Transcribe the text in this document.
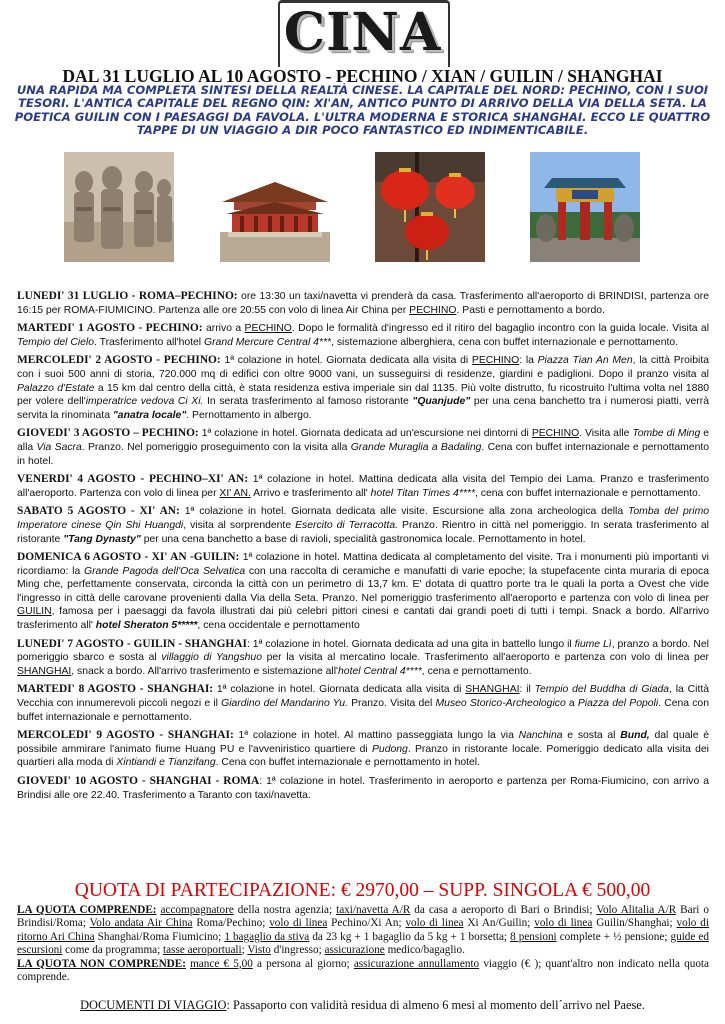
CINA
DAL 31 LUGLIO AL 10 AGOSTO - PECHINO / XIAN / GUILIN / SHANGHAI
UNA RAPIDA MA COMPLETA SINTESI DELLA REALTÀ CINESE. LA CAPITALE DEL NORD: PECHINO, CON I SUOI TESORI. L'ANTICA CAPITALE DEL REGNO QIN: XI'AN, ANTICO PUNTO DI ARRIVO DELLA VIA DELLA SETA. LA POETICA GUILIN CON I PAESAGGI DA FAVOLA. L'ULTRA MODERNA E STORICA SHANGHAI. ECCO LE QUATTRO TAPPE DI UN VIAGGIO A DIR POCO FANTASTICO ED INDIMENTICABILE.
LUNEDI' 31 LUGLIO - ROMA–PECHINO: ore 13:30 un taxi/navetta vi prenderà da casa. Trasferimento all'aeroporto di BRINDISI, partenza ore 16:15 per ROMA-FIUMICINO. Partenza alle ore 20:55 con volo di linea Air China per PECHINO. Pasti e pernottamento a bordo.
MARTEDI' 1 AGOSTO - PECHINO: arrivo a PECHINO. Dopo le formalità d'ingresso ed il ritiro del bagaglio incontro con la guida locale. Visita al Tempio del Cielo. Trasferimento all'hotel Grand Mercure Central 4***, sistemazione alberghiera, cena con buffet internazionale e pernottamento.
MERCOLEDI' 2 AGOSTO - PECHINO: 1ª colazione in hotel. Giornata dedicata alla visita di PECHINO: la Piazza Tian An Men, la città Proibita con i suoi 500 anni di storia, 720.000 mq di edifici con oltre 9000 vani, un susseguirsi di residenze, giardini e padiglioni. Dopo il pranzo visita al Palazzo d'Estate a 15 km dal centro della città, è stata residenza estiva imperiale sin dal 1135. Più volte distrutto, fu ricostruito l'ultima volta nel 1880 per volere dell'imperatrice vedova Ci Xi. In serata trasferimento al famoso ristorante "Quanjude" per una cena banchetto tra i numerosi piatti, verrà servita la rinominata "anatra locale". Pernottamento in albergo.
GIOVEDI' 3 AGOSTO – PECHINO: 1ª colazione in hotel. Giornata dedicata ad un'escursione nei dintorni di PECHINO. Visita alle Tombe di Ming e alla Via Sacra. Pranzo. Nel pomeriggio proseguimento con la visita alla Grande Muraglia a Badaling. Cena con buffet internazionale e pernottamento in hotel.
VENERDI' 4 AGOSTO - PECHINO–XI' AN: 1ª colazione in hotel. Mattina dedicata alla visita del Tempio dei Lama. Pranzo e trasferimento all'aeroporto. Partenza con volo di linea per XI' AN. Arrivo e trasferimento all' hotel Titan Times 4****, cena con buffet internazionale e pernottamento.
SABATO 5 AGOSTO - XI' AN: 1ª colazione in hotel. Giornata dedicata alle visite. Escursione alla zona archeologica della Tomba del primo Imperatore cinese Qin Shi Huangdi, visita al sorprendente Esercito di Terracotta. Pranzo. Rientro in città nel pomeriggio. In serata trasferimento al ristorante "Tang Dynasty" per una cena banchetto a base di ravioli, specialità gastronomica locale. Pernottamento in hotel.
DOMENICA 6 AGOSTO - XI' AN -GUILIN: 1ª colazione in hotel. Mattina dedicata al completamento del visite. Tra i monumenti più importanti vi ricordiamo: la Grande Pagoda dell'Oca Selvatica con una raccolta di ceramiche e manufatti di varie epoche; la stupefacente cinta muraria di epoca Ming che, perfettamente conservata, circonda la città con un perimetro di 13,7 km. E' dotata di quattro porte tra le quali la porta a Ovest che vide l'ingresso in città delle carovane provenienti dalla Via della Seta. Pranzo. Nel pomeriggio trasferimento all'aeroporto e partenza con volo di linea per GUILIN, famosa per i paesaggi da favola illustrati dai più celebri pittori cinesi e cantati dai grandi poeti di tutti i tempi. Snack a bordo. All'arrivo trasferimento all' hotel Sheraton 5*****, cena occidentale e pernottamento
LUNEDI' 7 AGOSTO - GUILIN - SHANGHAI: 1ª colazione in hotel. Giornata dedicata ad una gita in battello lungo il fiume Lì, pranzo a bordo. Nel pomeriggio sbarco e sosta al villaggio di Yangshuo per la visita al mercatino locale. Trasferimento all'aeroporto e partenza con volo di linea per SHANGHAI, snack a bordo. All'arrivo trasferimento e sistemazione all'hotel Central 4****, cena e pernottamento.
MARTEDI' 8 AGOSTO - SHANGHAI: 1ª colazione in hotel. Giornata dedicata alla visita di SHANGHAI: il Tempio del Buddha di Giada, la Città Vecchia con innumerevoli piccoli negozi e il Giardino del Mandarino Yu. Pranzo. Visita del Museo Storico-Archeologico a Piazza del Popoli. Cena con buffet internazionale e pernottamento.
MERCOLEDI' 9 AGOSTO - SHANGHAI: 1ª colazione in hotel. Al mattino passeggiata lungo la via Nanchina e sosta al Bund, dal quale è possibile ammirare l'animato fiume Huang PU e l'avveniristico quartiere di Pudong. Pranzo in ristorante locale. Pomeriggio dedicato alla visita dei quartieri alla moda di Xintiandi e Tianzifang. Cena con buffet internazionale e pernottamento in hotel.
GIOVEDI' 10 AGOSTO - SHANGHAI - ROMA: 1ª colazione in hotel. Trasferimento in aeroporto e partenza per Roma-Fiumicino, con arrivo a Brindisi alle ore 22.40. Trasferimento a Taranto con taxi/navetta.
QUOTA DI PARTECIPAZIONE: € 2970,00 – SUPP. SINGOLA € 500,00
LA QUOTA COMPRENDE: accompagnatore della nostra agenzia; taxi/navetta A/R da casa a aeroporto di Bari o Brindisi; Volo Alitalia A/R Bari o Brindisi/Roma; Volo andata Air China Roma/Pechino; volo di linea Pechino/Xi An; volo di linea Xi An/Guilin; volo di linea Guilin/Shanghai; volo di ritorno Ari China Shanghai/Roma Fiumicino; 1 bagaglio da stiva da 23 kg + 1 bagaglio da 5 kg + 1 borsetta; 8 pensioni complete + ½ pensione; guide ed escursioni come da programma; tasse aeroportuali; Visto d'ingresso; assicurazione medico/bagaglio.
LA QUOTA NON COMPRENDE: mance € 5,00 a persona al giorno; assicurazione annullamento viaggio (€ ); quant'altro non indicato nella quota comprende.
DOCUMENTI DI VIAGGIO: Passaporto con validità residua di almeno 6 mesi al momento dell´arrivo nel Paese.
